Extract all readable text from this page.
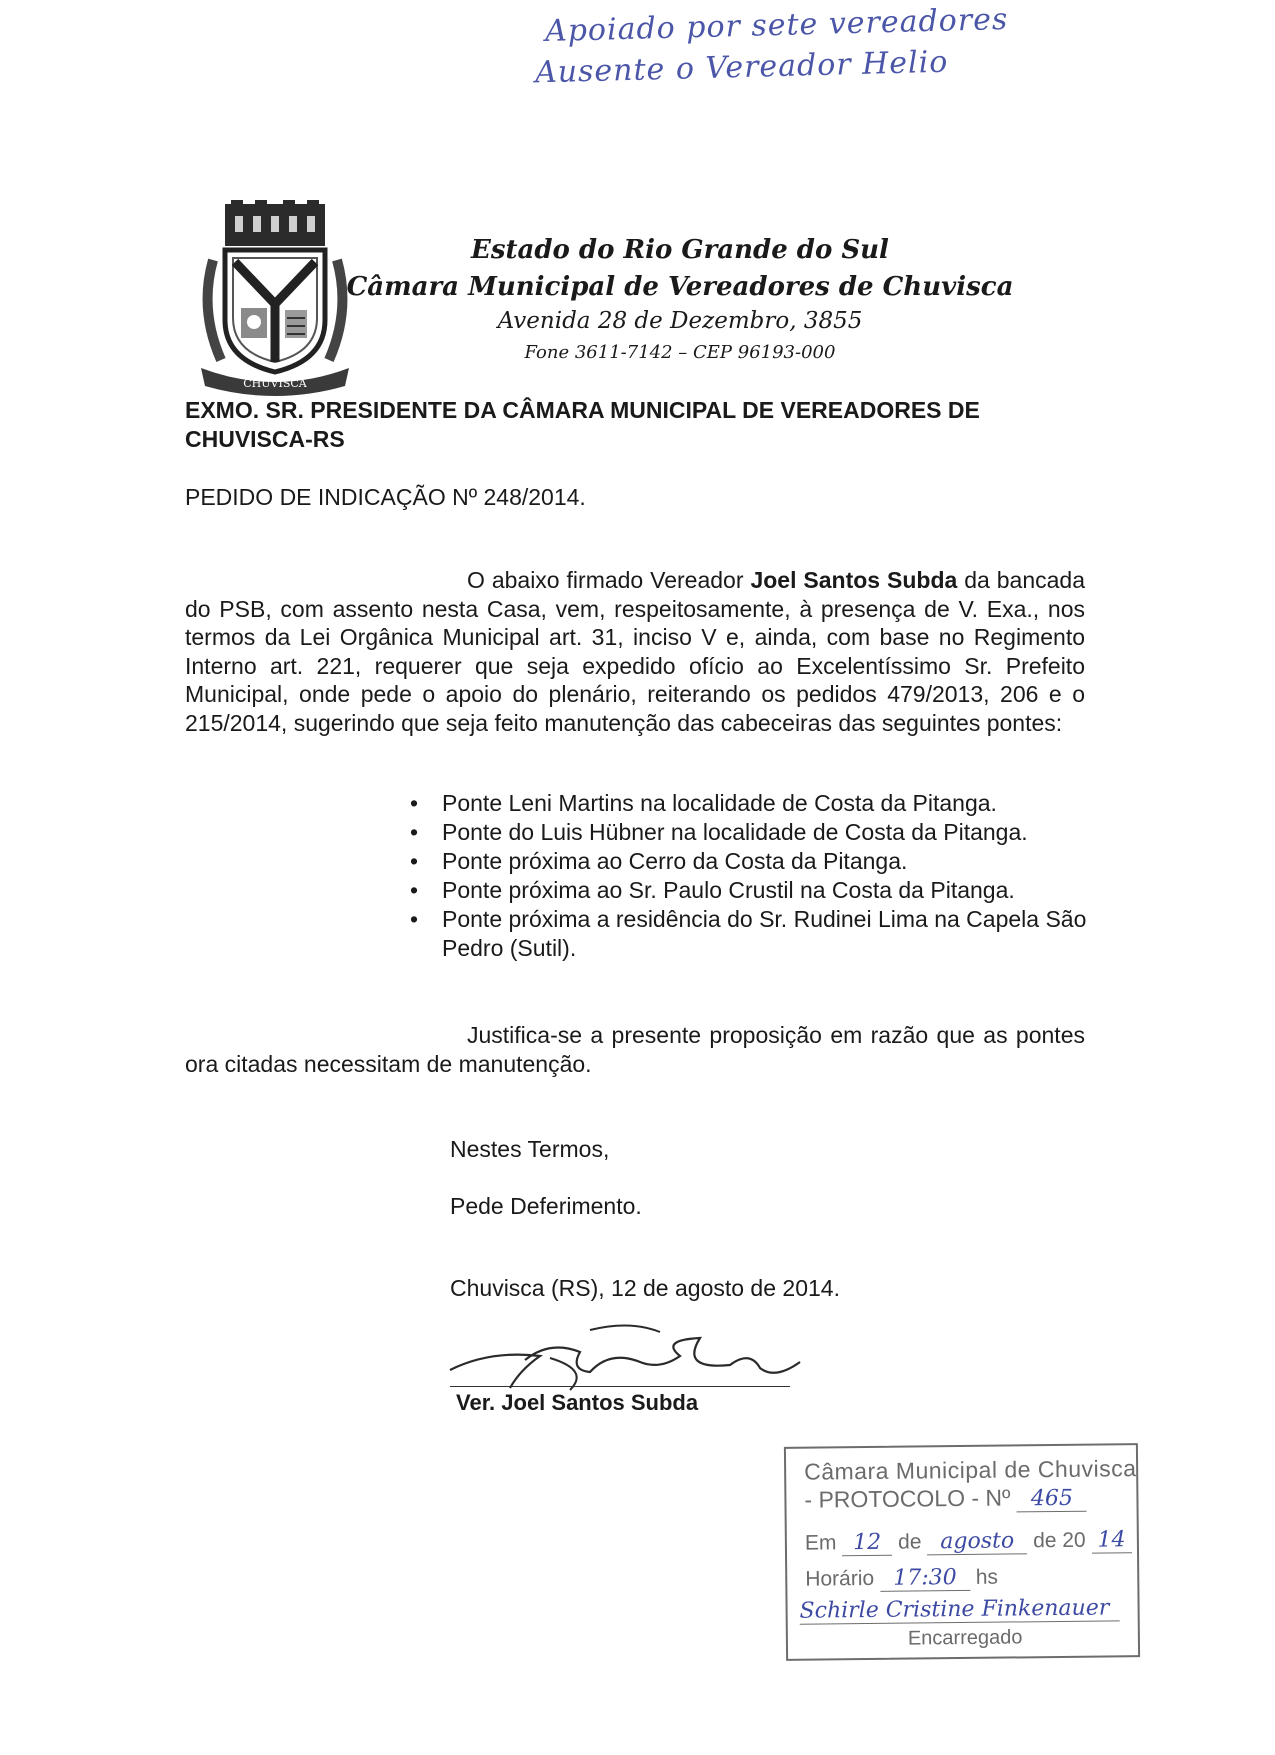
Apoiado por sete vereadores
Ausente o Vereador Helio
CHUVISCA
Estado do Rio Grande do Sul
Câmara Municipal de Vereadores de Chuvisca
Avenida 28 de Dezembro, 3855
Fone 3611-7142 – CEP 96193-000
EXMO. SR. PRESIDENTE DA CÂMARA MUNICIPAL DE VEREADORES DE CHUVISCA-RS
PEDIDO DE INDICAÇÃO Nº 248/2014.
O abaixo firmado Vereador Joel Santos Subda da bancada do PSB, com assento nesta Casa, vem, respeitosamente, à presença de V. Exa., nos termos da Lei Orgânica Municipal art. 31, inciso V e, ainda, com base no Regimento Interno art. 221, requerer que seja expedido ofício ao Excelentíssimo Sr. Prefeito Municipal, onde pede o apoio do plenário, reiterando os pedidos 479/2013, 206 e o 215/2014, sugerindo que seja feito manutenção das cabeceiras das seguintes pontes:
• Ponte Leni Martins na localidade de Costa da Pitanga.
• Ponte do Luis Hübner na localidade de Costa da Pitanga.
• Ponte próxima ao Cerro da Costa da Pitanga.
• Ponte próxima ao Sr. Paulo Crustil na Costa da Pitanga.
• Ponte próxima a residência do Sr. Rudinei Lima na Capela São Pedro (Sutil).
Justifica-se a presente proposição em razão que as pontes ora citadas necessitam de manutenção.
Nestes Termos,
Pede Deferimento.
Chuvisca (RS), 12 de agosto de 2014.
Ver. Joel Santos Subda
Câmara Municipal de Chuvisca
- PROTOCOLO - Nº 465
Em 12 de agosto de 20 14
Horário 17:30 hs
Schirle Cristine Finkenauer
Encarregado
